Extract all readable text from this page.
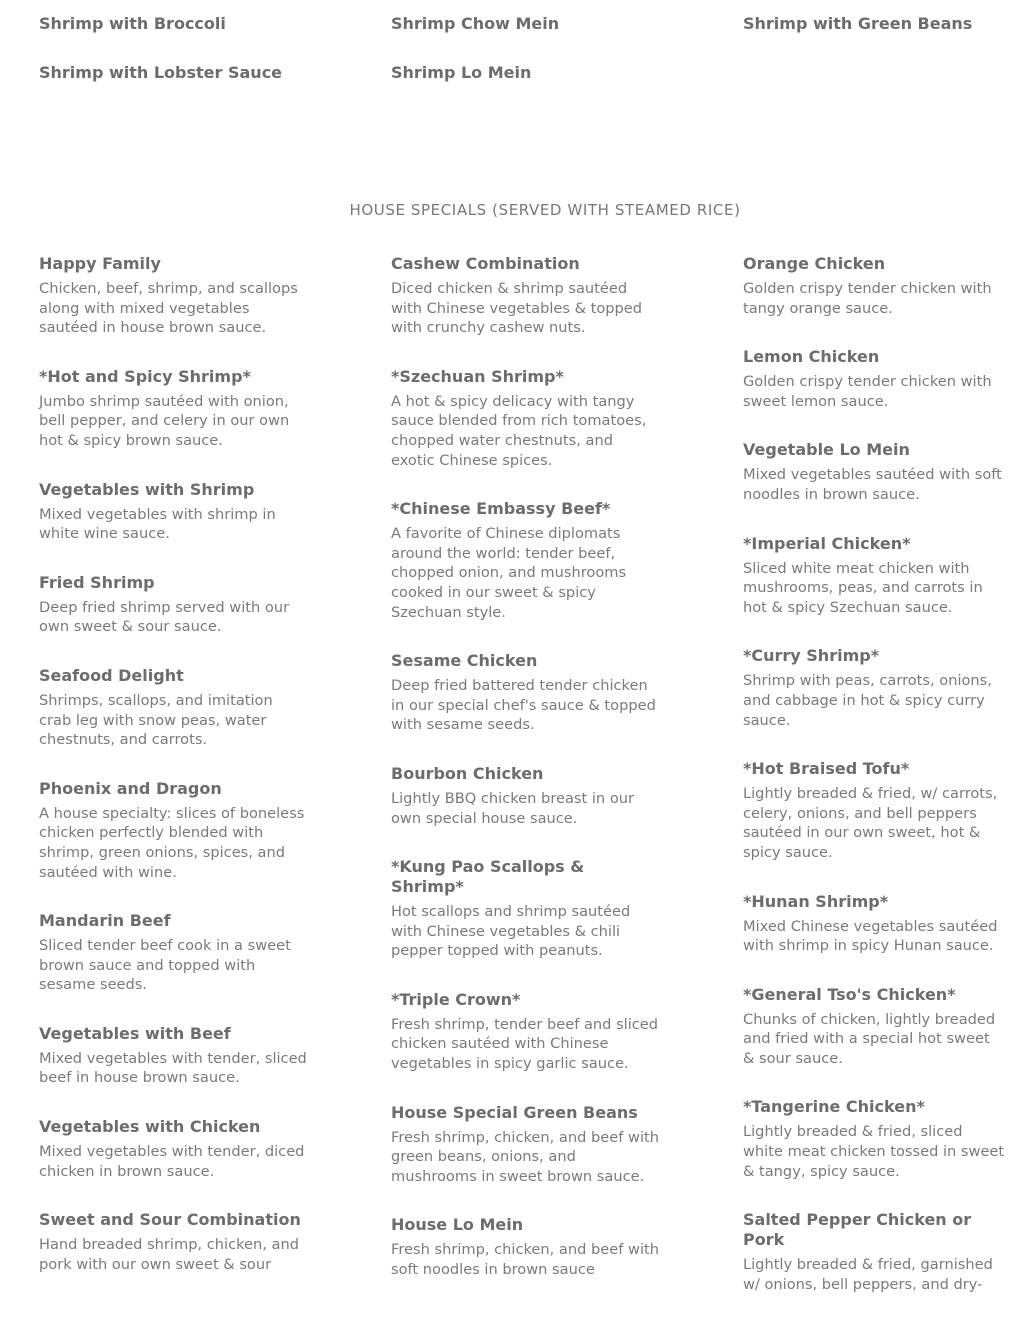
Shrimp with Broccoli	Shrimp Chow Mein	Shrimp with Green Beans
Shrimp with Lobster Sauce	Shrimp Lo Mein
HOUSE SPECIALS (SERVED WITH STEAMED RICE)
Happy Family

Chicken, beef, shrimp, and scallops along with mixed vegetables sautéed in house brown sauce.

*Hot and Spicy Shrimp*

Jumbo shrimp sautéed with onion, bell pepper, and celery in our own hot & spicy brown sauce.

Vegetables with Shrimp

Mixed vegetables with shrimp in white wine sauce.

Fried Shrimp

Deep fried shrimp served with our own sweet & sour sauce.

Seafood Delight

Shrimps, scallops, and imitation crab leg with snow peas, water chestnuts, and carrots.

Phoenix and Dragon

A house specialty: slices of boneless chicken perfectly blended with shrimp, green onions, spices, and sautéed with wine.

Mandarin Beef

Sliced tender beef cook in a sweet brown sauce and topped with sesame seeds.

Vegetables with Beef

Mixed vegetables with tender, sliced beef in house brown sauce.

Vegetables with Chicken

Mixed vegetables with tender, diced chicken in brown sauce.

Sweet and Sour Combination

Hand breaded shrimp, chicken, and pork with our own sweet & sour

Cashew Combination

Diced chicken & shrimp sautéed with Chinese vegetables & topped with crunchy cashew nuts.

*Szechuan Shrimp*

A hot & spicy delicacy with tangy sauce blended from rich tomatoes, chopped water chestnuts, and exotic Chinese spices.

*Chinese Embassy Beef*

A favorite of Chinese diplomats around the world: tender beef, chopped onion, and mushrooms cooked in our sweet & spicy Szechuan style.

Sesame Chicken

Deep fried battered tender chicken in our special chef's sauce & topped with sesame seeds.

Bourbon Chicken

Lightly BBQ chicken breast in our own special house sauce.

*Kung Pao Scallops & Shrimp*

Hot scallops and shrimp sautéed with Chinese vegetables & chili pepper topped with peanuts.

*Triple Crown*

Fresh shrimp, tender beef and sliced chicken sautéed with Chinese vegetables in spicy garlic sauce.

House Special Green Beans

Fresh shrimp, chicken, and beef with green beans, onions, and mushrooms in sweet brown sauce.

House Lo Mein

Fresh shrimp, chicken, and beef with soft noodles in brown sauce

Orange Chicken

Golden crispy tender chicken with tangy orange sauce.

Lemon Chicken

Golden crispy tender chicken with sweet lemon sauce.

Vegetable Lo Mein

Mixed vegetables sautéed with soft noodles in brown sauce.

*Imperial Chicken*

Sliced white meat chicken with mushrooms, peas, and carrots in hot & spicy Szechuan sauce.

*Curry Shrimp*

Shrimp with peas, carrots, onions, and cabbage in hot & spicy curry sauce.

*Hot Braised Tofu*

Lightly breaded & fried, w/ carrots, celery, onions, and bell peppers sautéed in our own sweet, hot & spicy sauce.

*Hunan Shrimp*

Mixed Chinese vegetables sautéed with shrimp in spicy Hunan sauce.

*General Tso's Chicken*

Chunks of chicken, lightly breaded and fried with a special hot sweet & sour sauce.

*Tangerine Chicken*

Lightly breaded & fried, sliced white meat chicken tossed in sweet & tangy, spicy sauce.

Salted Pepper Chicken or Pork

Lightly breaded & fried, garnished w/ onions, bell peppers, and dry-
